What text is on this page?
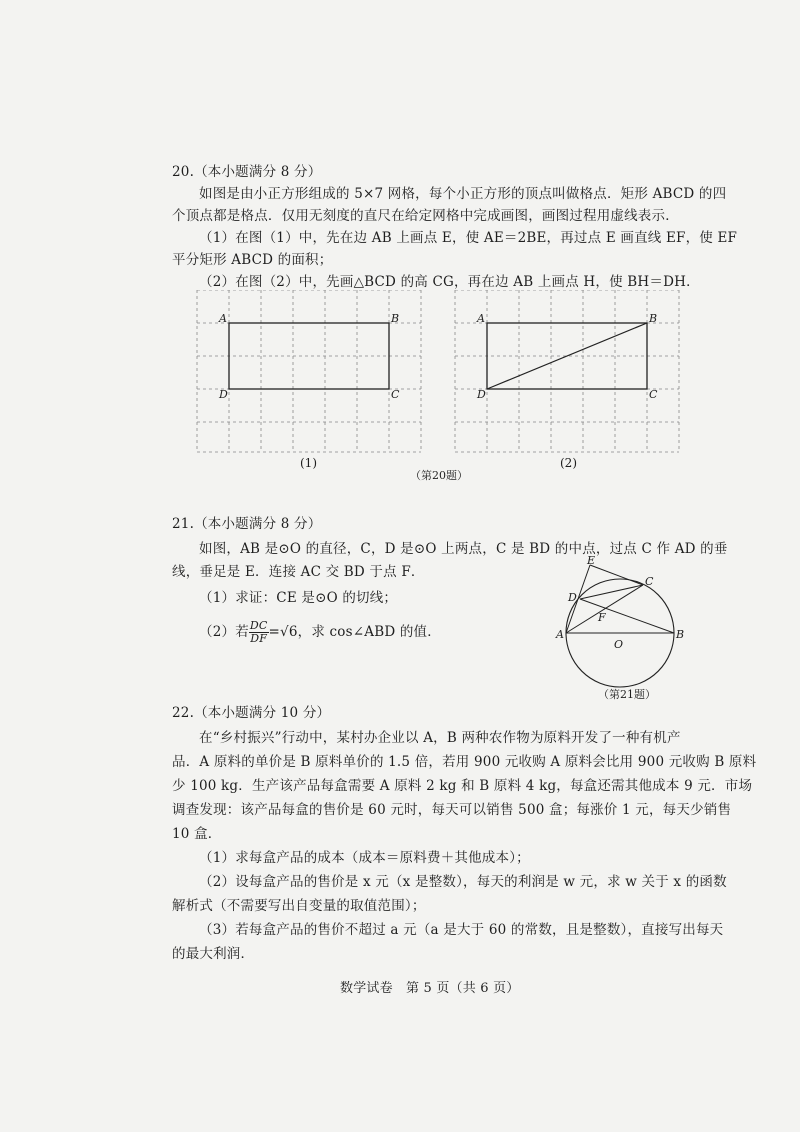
20.（本小题满分 8 分）
如图是由小正方形组成的 5×7 网格，每个小正方形的顶点叫做格点．矩形 ABCD 的四
个顶点都是格点．仅用无刻度的直尺在给定网格中完成画图，画图过程用虚线表示．
（1）在图（1）中，先在边 AB 上画点 E，使 AE＝2BE，再过点 E 画直线 EF，使 EF
平分矩形 ABCD 的面积；
（2）在图（2）中，先画△BCD 的高 CG，再在边 AB 上画点 H，使 BH＝DH．
A	B
C
D
(1)
A	B
C
D
(2)
（第20题）
21.（本小题满分 8 分）
如图，AB 是⊙O 的直径，C，D 是⊙O 上两点，C 是 BD 的中点，过点 C 作 AD 的垂
线，垂足是 E．连接 AC 交 BD 于点 F．
（1）求证：CE 是⊙O 的切线；
（2）若 $\frac{DC}{DF} =√6$，求 cos∠ABD 的值．
E
C
D
F
A
O
B
（第21题）
22.（本小题满分 10 分）
在“乡村振兴”行动中，某村办企业以 A，B 两种农作物为原料开发了一种有机产
品．A 原料的单价是 B 原料单价的 1.5 倍，若用 900 元收购 A 原料会比用 900 元收购 B 原料
少 100 kg．生产该产品每盒需要 A 原料 2 kg 和 B 原料 4 kg，每盒还需其他成本 9 元．市场
调查发现：该产品每盒的售价是 60 元时，每天可以销售 500 盒；每涨价 1 元，每天少销售
10 盒．
（1）求每盒产品的成本（成本＝原料费＋其他成本）；
（2）设每盒产品的售价是 x 元（x 是整数），每天的利润是 w 元，求 w 关于 x 的函数
解析式（不需要写出自变量的取值范围）；
（3）若每盒产品的售价不超过 a 元（a 是大于 60 的常数，且是整数），直接写出每天
的最大利润．
数学试卷　第 5 页（共 6 页）
